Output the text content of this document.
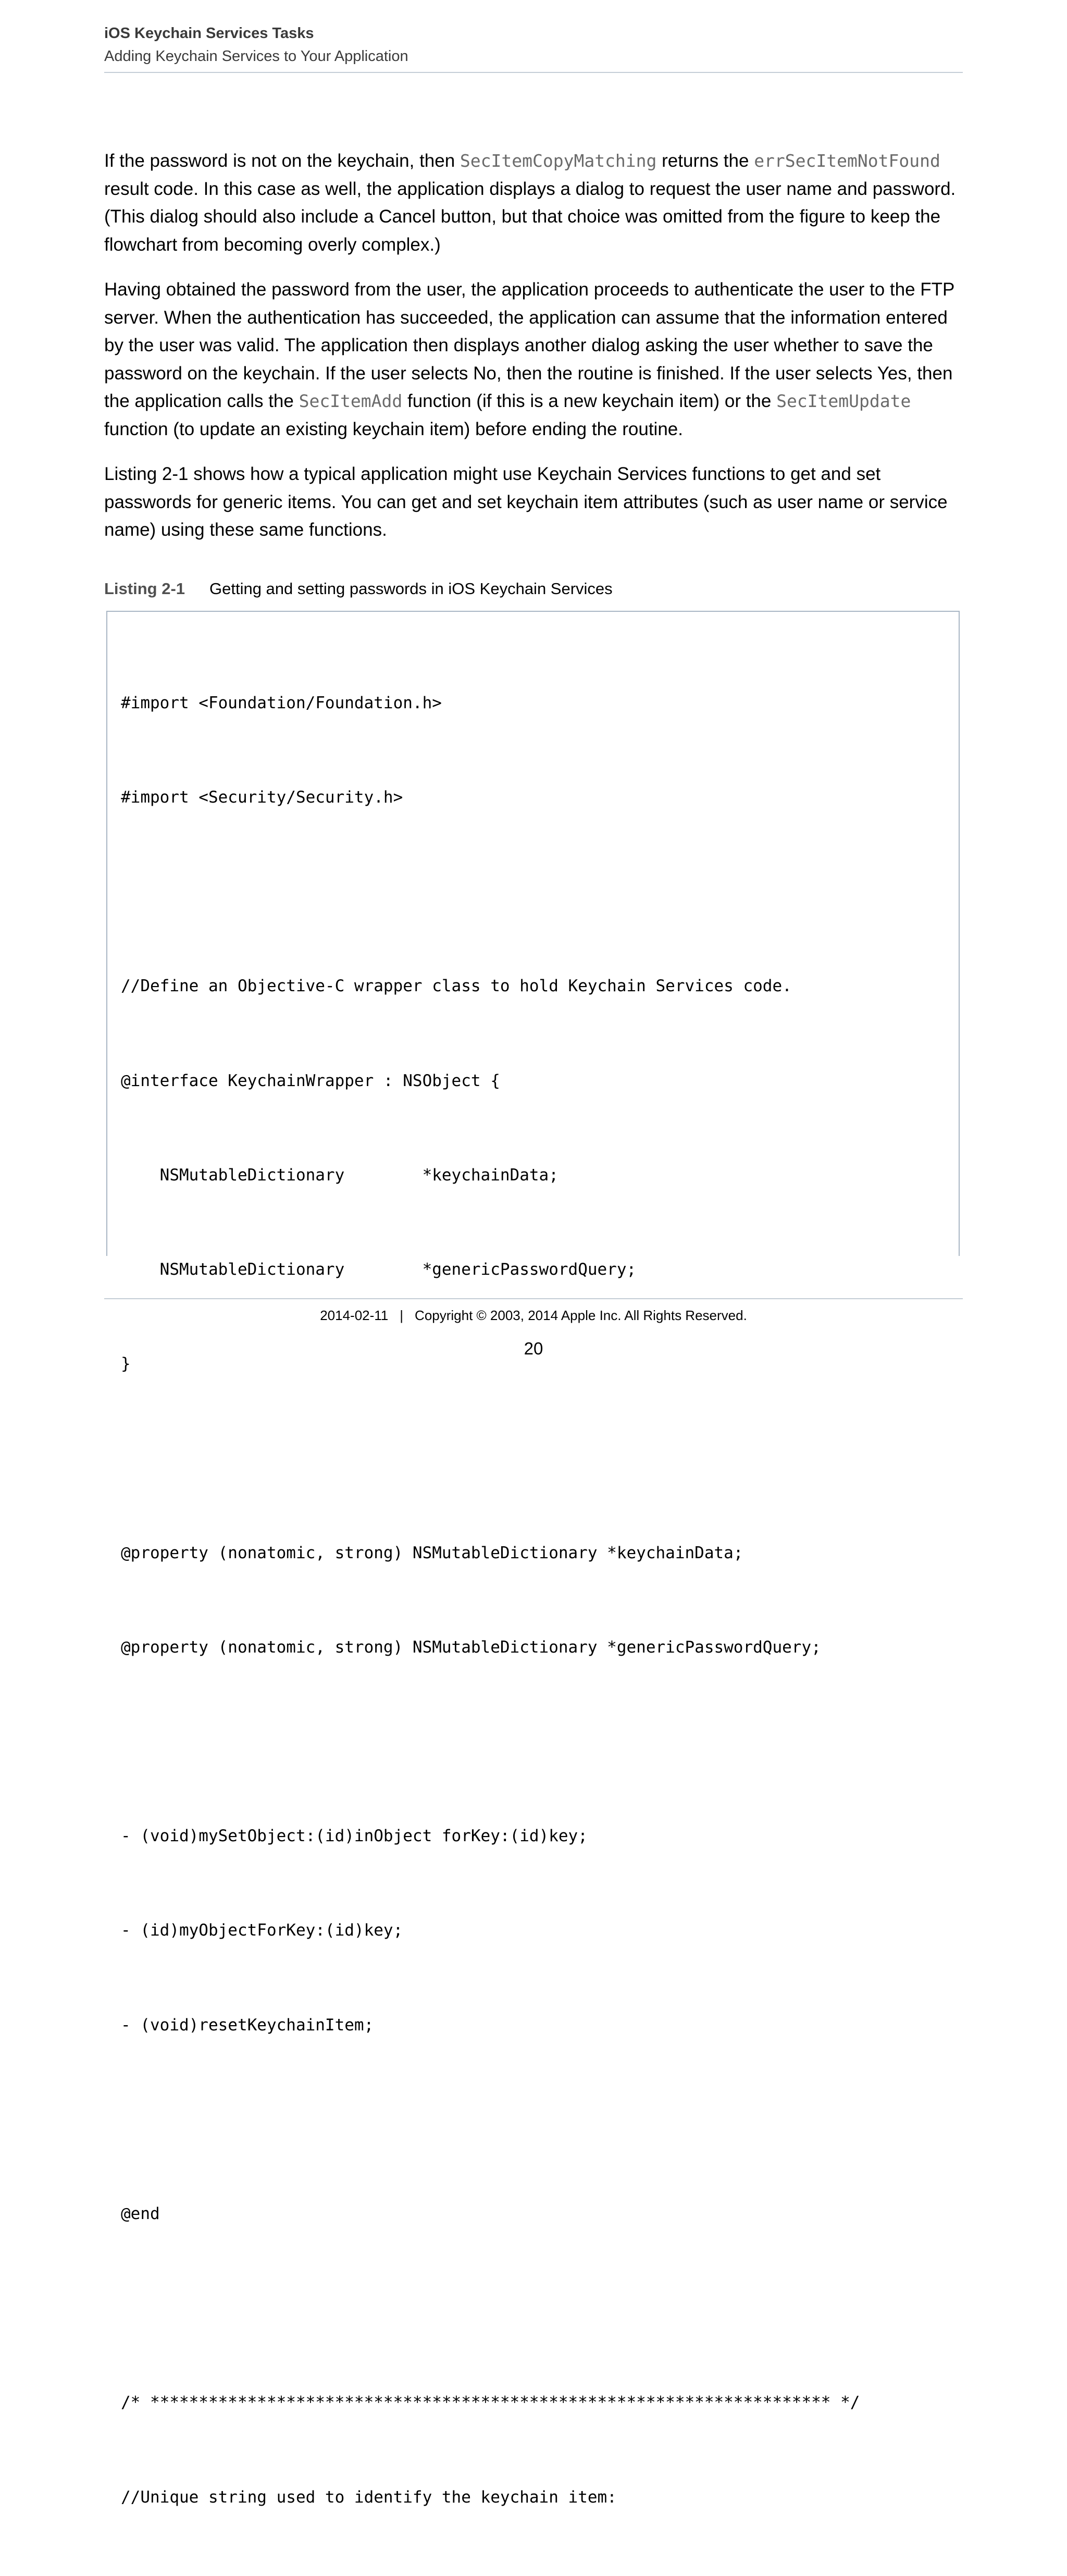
iOS Keychain Services Tasks
Adding Keychain Services to Your Application

If the password is not on the keychain, then SecItemCopyMatching returns the errSecItemNotFound result code. In this case as well, the application displays a dialog to request the user name and password. (This dialog should also include a Cancel button, but that choice was omitted from the figure to keep the flowchart from becoming overly complex.)

Having obtained the password from the user, the application proceeds to authenticate the user to the FTP server. When the authentication has succeeded, the application can assume that the information entered by the user was valid. The application then displays another dialog asking the user whether to save the password on the keychain. If the user selects No, then the routine is finished. If the user selects Yes, then the application calls the SecItemAdd function (if this is a new keychain item) or the SecItemUpdate function (to update an existing keychain item) before ending the routine.

Listing 2-1 shows how a typical application might use Keychain Services functions to get and set passwords for generic items. You can get and set keychain item attributes (such as user name or service name) using these same functions.

Listing 2-1 Getting and setting passwords in iOS Keychain Services

#import <Foundation/Foundation.h>

#import <Security/Security.h>

//Define an Objective-C wrapper class to hold Keychain Services code.

@interface KeychainWrapper : NSObject {

NSMutableDictionary        *keychainData;

NSMutableDictionary        *genericPasswordQuery;

}

@property (nonatomic, strong) NSMutableDictionary *keychainData;

@property (nonatomic, strong) NSMutableDictionary *genericPasswordQuery;

- (void)mySetObject:(id)inObject forKey:(id)key;

- (id)myObjectForKey:(id)key;

- (void)resetKeychainItem;

@end

/* ********************************************************************** */

//Unique string used to identify the keychain item:

2014-02-11 | Copyright © 2003, 2014 Apple Inc. All Rights Reserved.
20
